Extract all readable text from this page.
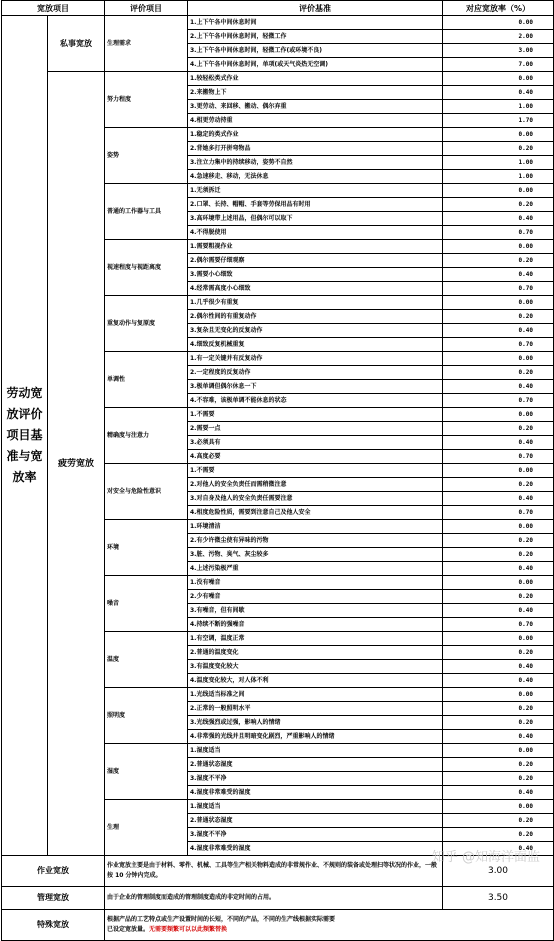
宽放项目		评价项目	评价基准	对应宽放率（%）
劳动宽放评价项目基准与宽放率	私事宽放	生理需求	1.上下午各中间休息时间	0.00
			2.上下午各中间休息时间，轻微工作	2.00
			3.上下午各中间休息时间，轻微工作(或环境不良)	3.00
			4.上下午各中间休息时间，单项(或天气炎热无空调)	7.00
	疲劳宽放	努力程度	1.较轻松类式作业	0.00
			2.来搬物上下	0.40
			3.更劳动、来回移、搬动、偶尔弃重	1.00
			4.相更劳动持重	1.70
		姿势	1.稳定的类式作业	0.00
			2.背她多打开拼弯物品	0.20
			3.注立力集中的持续移动，姿势不自然	1.00
			4.急速移走、移动，无法休息	1.00
		普通的工作器与工具	1.无须拆迁	0.00
			2.口罩、长持、帽帽、手套等劳保用品有时用	0.20
			3.高环境带上述用品，但偶尔可以取下	0.40
			4.不得脱使用	0.70
		视速程度与视距离度	1.需要粗视作业	0.00
			2.偶尔需要仔细观察	0.20
			3.需要小心细致	0.40
			4.经常需高度小心细致	0.70
		重复动作与复原度	1.几乎很少有重复	0.00
			2.偶尔性间的有重复动作	0.20
			3.复杂且无变化的反复动作	0.40
			4.细致反复机械重复	0.70
		单调性	1.有一定关键并有反复动作	0.00
			2.一定程度的反复动作	0.20
			3.极单调但偶尔休息一下	0.40
			4.不容难，该极单调不能休息的状态	0.70
		精确度与注意力	1.不需要	0.00
			2.需要一点	0.20
			3.必须具有	0.40
			4.高度必要	0.70
		对安全与危险性意识	1.不需要	0.00
			2.对他人的安全负责任而需稍微注意	0.20
			3.对自身及他人的安全负责任需要注意	0.40
			4.相度危险性质，需要到注意自己及他人安全	0.70
		环境	1.环境清洁	0.00
			2.有少许微尘使有异味的污物	0.20
			3.脏、污物、臭气、灰尘较多	0.20
			4.上述污染极严重	0.40
		噪音	1.没有噪音	0.00
			2.少有噪音	0.20
			3.有噪音，但有间歇	0.40
			4.持续不断的强噪音	0.70
		温度	1.有空调，温度正常	0.00
			2.普通的温度变化	0.20
			3.有温度变化较大	0.40
			4.温度变化较大，对人体不利	0.40
		照明度	1.光线适当标准之间	0.00
			2.正常的一般照明水平	0.20
			3.光线强烈或过强，影响人的情绪	0.20
			4.非常强的光线并且明暗变化剧烈，严重影响人的情绪	0.40
		湿度	1.湿度适当	0.00
			2.普通状态湿度	0.20
			3.湿度不平净	0.20
			4.湿度非常难受的湿度	0.40
		生理	1.湿度适当	0.00
			2.普通状态湿度	0.20
			3.湿度不平净	0.20
			4.湿度非常难受的湿度	0.40
作业宽放		作业宽放主要是由于材料、零件、机械、工具等生产相关物料造成的非常规作业、不规则的装备或处理扫等状况的作业，一般按 10 分钟内完成。		3.00
管理宽放		由于企业的管理制度而造成的管理制度造成的非定时间的占用。		3.50
特殊宽放		根据产品的工艺特点或生产设置时间的长短，不同的产品，不同的生产线根据实际需要
已设定宽放量。无需要频繁可以以此频繁替换		
知乎 @知海洋面监
